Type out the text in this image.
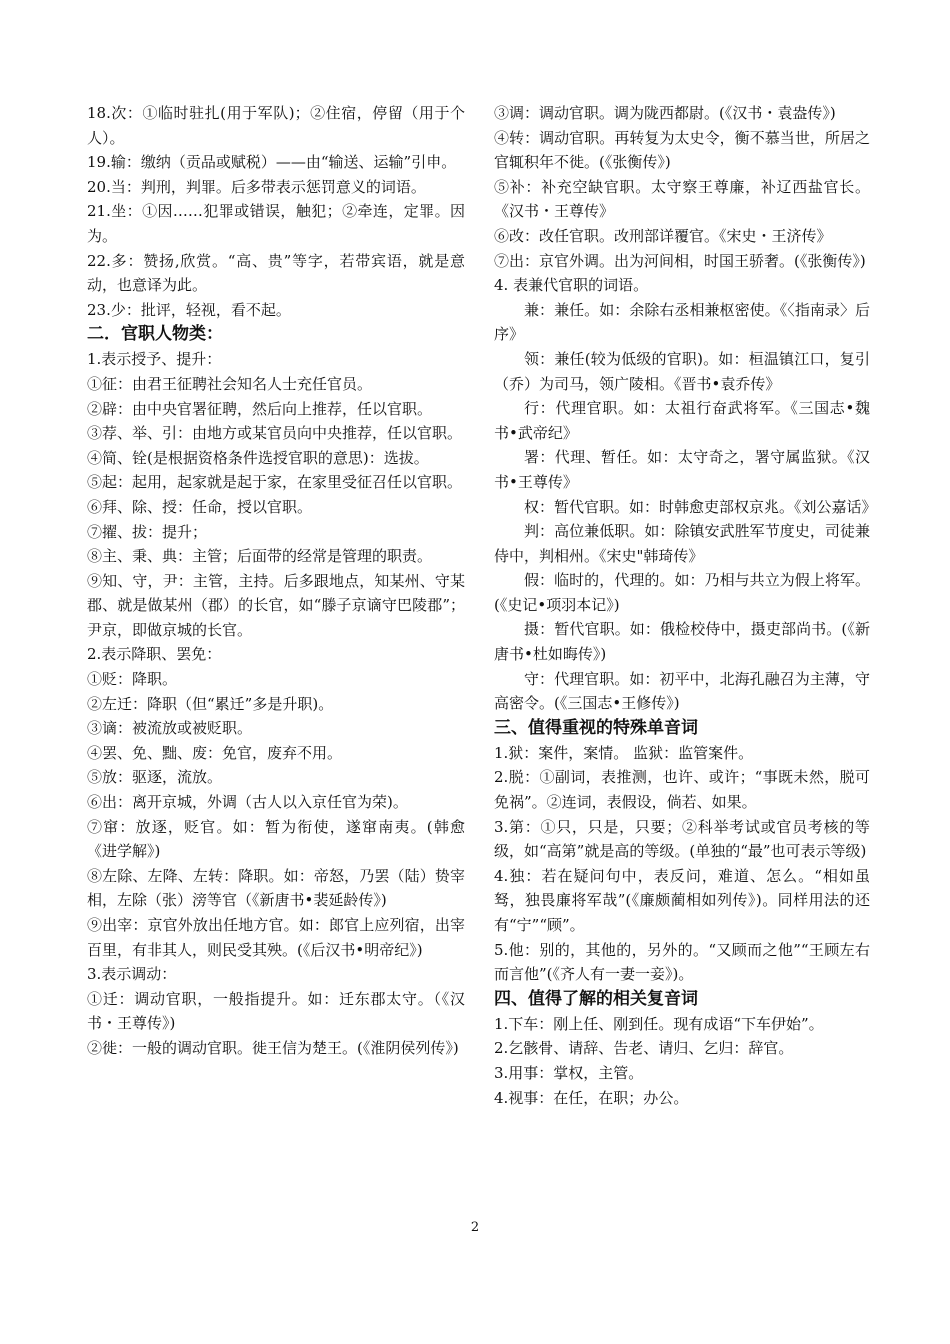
18.次：①临时驻扎(用于军队)；②住宿，停留（用于个人）。

19.输：缴纳（贡品或赋税）——由“输送、运输”引申。

20.当：判刑，判罪。后多带表示惩罚意义的词语。

21.坐：①因……犯罪或错误，触犯；②牵连，定罪。因为。

22.多：赞扬,欣赏。“高、贵”等字，若带宾语，就是意动，也意译为此。

23.少：批评，轻视，看不起。

二．官职人物类：

1.表示授予、提升：

①征：由君王征聘社会知名人士充任官员。

②辟：由中央官署征聘，然后向上推荐，任以官职。

③荐、举、引：由地方或某官员向中央推荐，任以官职。

④简、铨(是根据资格条件选授官职的意思)：选拔。

⑤起：起用，起家就是起于家，在家里受征召任以官职。

⑥拜、除、授：任命，授以官职。

⑦擢、拔：提升；

⑧主、秉、典：主管；后面带的经常是管理的职责。

⑨知、守，尹：主管，主持。后多跟地点，知某州、守某郡、就是做某州（郡）的长官，如“滕子京谪守巴陵郡”；尹京，即做京城的长官。

2.表示降职、罢免：

①贬：降职。

②左迁：降职（但“累迁”多是升职)。

③谪：被流放或被贬职。

④罢、免、黜、废：免官，废弃不用。

⑤放：驱逐，流放。

⑥出：离开京城，外调（古人以入京任官为荣)。

⑦窜：放逐，贬官。如：暂为衔使，遂窜南夷。(韩愈《进学解》)

⑧左除、左降、左转：降职。如：帝怒，乃罢（陆）贽宰相，左除（张）滂等官（《新唐书•裴延龄传》)

⑨出宰：京官外放出任地方官。如：郎官上应列宿，出宰百里，有非其人，则民受其殃。(《后汉书•明帝纪》)

3.表示调动：

①迁：调动官职，一般指提升。如：迁东郡太守。（《汉书・王尊传》)

②徙：一般的调动官职。徙王信为楚王。(《淮阴侯列传》)

③调：调动官职。调为陇西都尉。(《汉书・袁盎传》)

④转：调动官职。再转复为太史令，衡不慕当世，所居之官辄积年不徙。(《张衡传》)

⑤补：补充空缺官职。太守察王尊廉，补辽西盐官长。《汉书・王尊传》

⑥改：改任官职。改刑部详覆官。《宋史・王济传》

⑦出：京官外调。出为河间相，时国王骄奢。(《张衡传》)

4. 表兼代官职的词语。

兼：兼任。如：余除右丞相兼枢密使。《〈指南录〉后序》

领：兼任(较为低级的官职)。如：桓温镇江口，复引（乔）为司马，领广陵相。《晋书•袁乔传》

行：代理官职。如：太祖行奋武将军。《三国志•魏书•武帝纪》

署：代理、暂任。如：太守奇之，署守属监狱。《汉书•王尊传》

权：暂代官职。如：时韩愈吏部权京兆。《刘公嘉话》

判：高位兼低职。如：除镇安武胜军节度史，司徒兼侍中，判相州。《宋史"韩琦传》

假：临时的，代理的。如：乃相与共立为假上将军。(《史记•项羽本记》)

摄：暂代官职。如：俄检校侍中，摄吏部尚书。(《新唐书•杜如晦传》)

守：代理官职。如：初平中，北海孔融召为主薄，守高密令。(《三国志•王修传》)

三、值得重视的特殊单音词

1.狱：案件，案情。 监狱：监管案件。

2.脱：①副词，表推测，也许、或许；“事既未然，脱可免祸”。②连词，表假设，倘若、如果。

3.第：①只，只是，只要；②科举考试或官员考核的等级，如“高第”就是高的等级。(单独的“最”也可表示等级)

4.独：若在疑问句中，表反问，难道、怎么。“相如虽驽，独畏廉将军哉”(《廉颇蔺相如列传》)。同样用法的还有“宁”“顾”。

5.他：别的，其他的，另外的。“又顾而之他”“王顾左右而言他”(《齐人有一妻一妾》)。

四、值得了解的相关复音词

1.下车：刚上任、刚到任。现有成语“下车伊始”。

2.乞骸骨、请辞、告老、请归、乞归：辞官。

3.用事：掌权，主管。

4.视事：在任，在职；办公。

2
